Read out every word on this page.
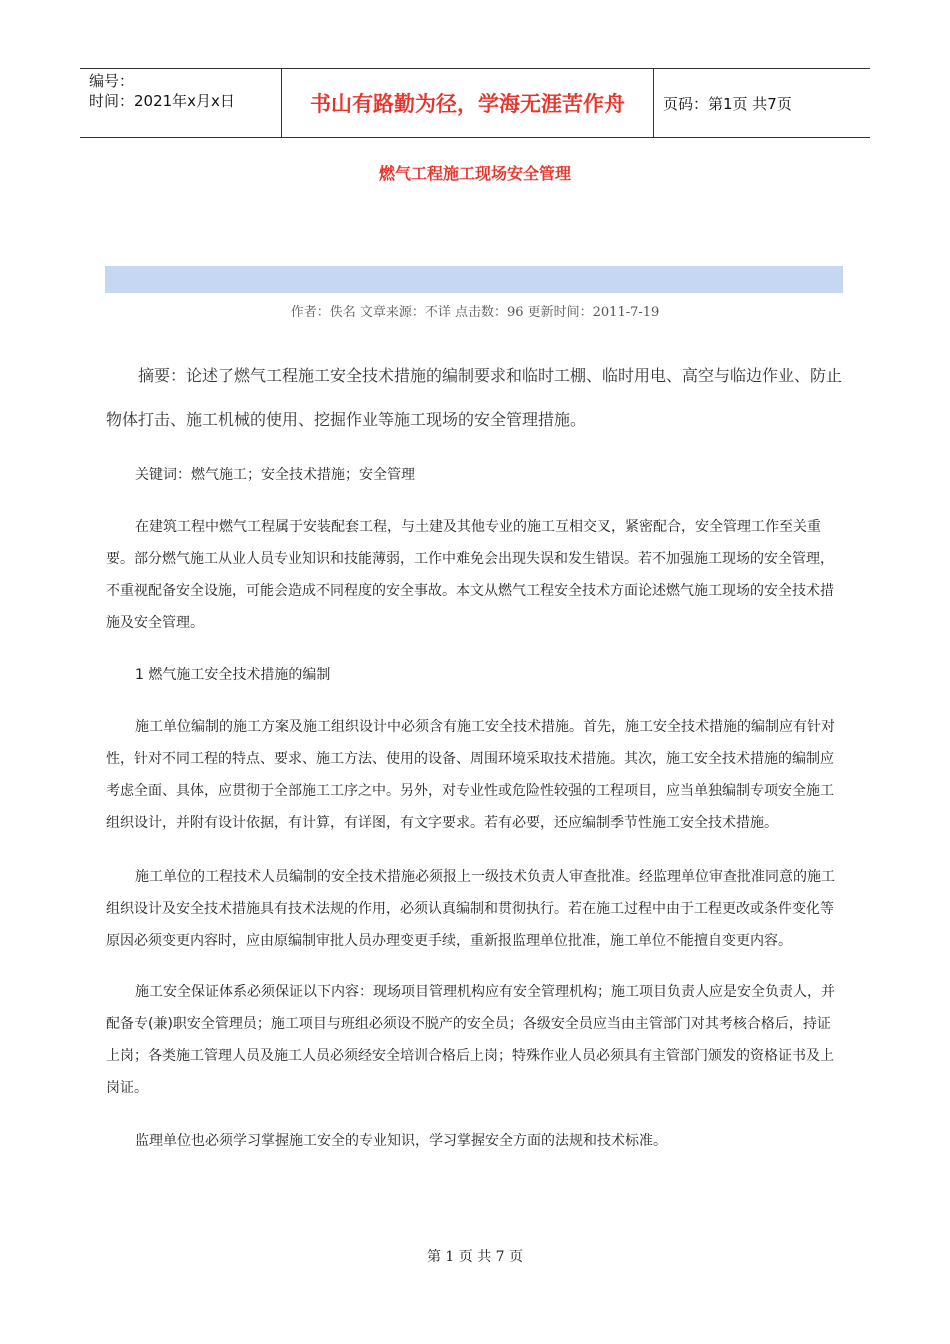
编号：
时间：2021年x月x日	书山有路勤为径，学海无涯苦作舟	页码：第1页 共7页
燃气工程施工现场安全管理
作者：佚名 文章来源：不详 点击数：96 更新时间：2011-7-19
摘要：论述了燃气工程施工安全技术措施的编制要求和临时工棚、临时用电、高空与临边作业、防止物体打击、施工机械的使用、挖掘作业等施工现场的安全管理措施。
关键词：燃气施工；安全技术措施；安全管理
在建筑工程中燃气工程属于安装配套工程，与土建及其他专业的施工互相交叉，紧密配合，安全管理工作至关重要。部分燃气施工从业人员专业知识和技能薄弱，工作中难免会出现失误和发生错误。若不加强施工现场的安全管理，不重视配备安全设施，可能会造成不同程度的安全事故。本文从燃气工程安全技术方面论述燃气施工现场的安全技术措施及安全管理。
1 燃气施工安全技术措施的编制
施工单位编制的施工方案及施工组织设计中必须含有施工安全技术措施。首先，施工安全技术措施的编制应有针对性，针对不同工程的特点、要求、施工方法、使用的设备、周围环境采取技术措施。其次，施工安全技术措施的编制应考虑全面、具体，应贯彻于全部施工工序之中。另外，对专业性或危险性较强的工程项目，应当单独编制专项安全施工组织设计，并附有设计依据，有计算，有详图，有文字要求。若有必要，还应编制季节性施工安全技术措施。
施工单位的工程技术人员编制的安全技术措施必须报上一级技术负责人审查批准。经监理单位审查批准同意的施工组织设计及安全技术措施具有技术法规的作用，必须认真编制和贯彻执行。若在施工过程中由于工程更改或条件变化等原因必须变更内容时，应由原编制审批人员办理变更手续，重新报监理单位批准，施工单位不能擅自变更内容。
施工安全保证体系必须保证以下内容：现场项目管理机构应有安全管理机构；施工项目负责人应是安全负责人，并配备专(兼)职安全管理员；施工项目与班组必须设不脱产的安全员；各级安全员应当由主管部门对其考核合格后，持证上岗；各类施工管理人员及施工人员必须经安全培训合格后上岗；特殊作业人员必须具有主管部门颁发的资格证书及上岗证。
监理单位也必须学习掌握施工安全的专业知识，学习掌握安全方面的法规和技术标准。
第 1 页 共 7 页
